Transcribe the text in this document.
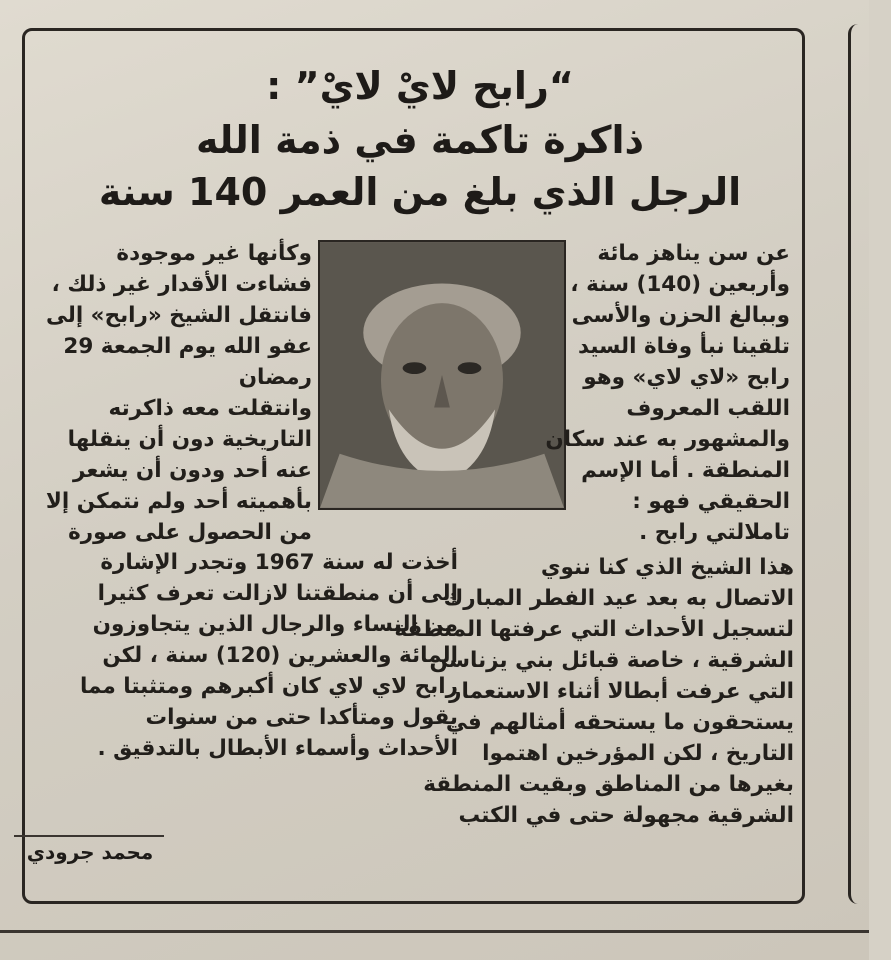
“رابح لايْ لايْ” :
ذاكرة تاكمة في ذمة الله
الرجل الذي بلغ من العمر 140 سنة
عن سن يناهز مائة
وأربعين (140) سنة ،
وببالغ الحزن والأسى
تلقينا نبأ وفاة السيد
رابح «لاي لاي» وهو
اللقب المعروف
والمشهور به عند سكان
المنطقة . أما الإسم
الحقيقي فهو :
تاملالتي رابح .
وكأنها غير موجودة
فشاءت الأقدار غير ذلك ،
فانتقل الشيخ «رابح» إلى
عفو الله يوم الجمعة 29
رمضان
وانتقلت معه ذاكرته
التاريخية دون أن ينقلها
عنه أحد ودون أن يشعر
بأهميته أحد ولم نتمكن إلا
من الحصول على صورة
أخذت له سنة 1967 وتجدر الإشارة
إلى أن منطقتنا لازالت تعرف كثيرا
من النساء والرجال الذين يتجاوزون
المائة والعشرين (120) سنة ، لكن
رابح لاي لاي كان أكبرهم ومتثبتا مما
يقول ومتأكدا حتى من سنوات
الأحداث وأسماء الأبطال بالتدقيق .
هذا الشيخ الذي كنا ننوي
الاتصال به بعد عيد الفطر المبارك
لتسجيل الأحداث التي عرفتها المنطقة
الشرقية ، خاصة قبائل بني يزناسن
التي عرفت أبطالا أثناء الاستعمار
يستحقون ما يستحقه أمثالهم في
التاريخ ، لكن المؤرخين اهتموا
بغيرها من المناطق وبقيت المنطقة
الشرقية مجهولة حتى في الكتب
محمد جرودي
